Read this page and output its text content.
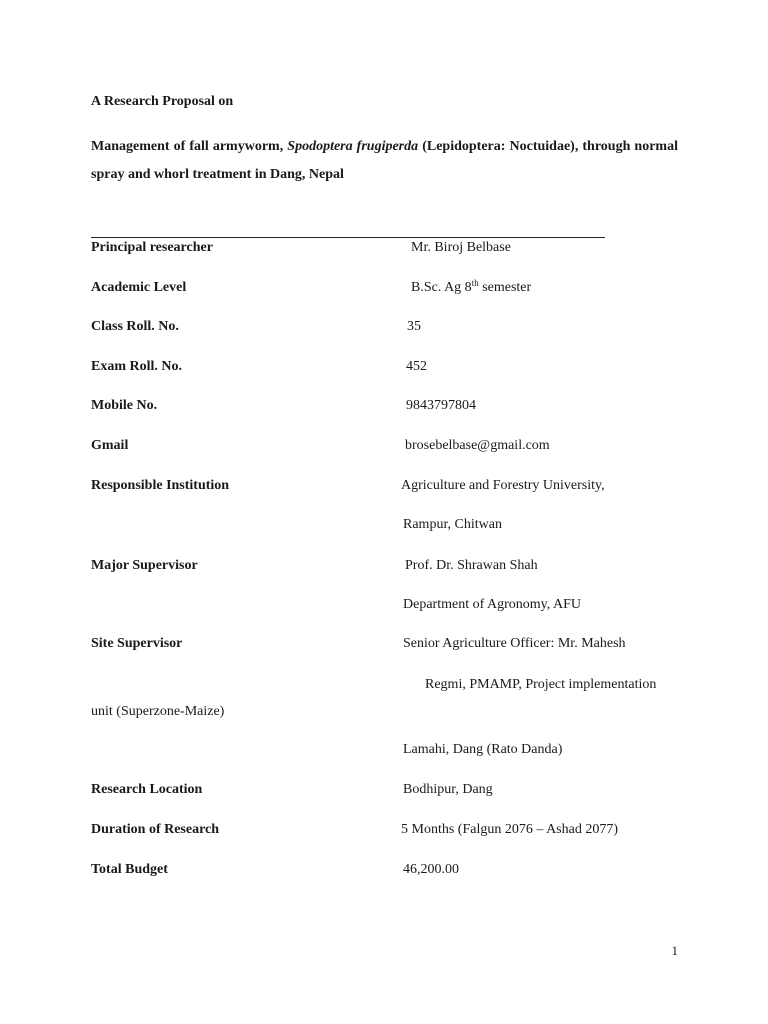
A Research Proposal on
Management of fall armyworm, Spodoptera frugiperda (Lepidoptera: Noctuidae), through normal spray and whorl treatment in Dang, Nepal
Principal researcher	Mr. Biroj Belbase
Academic Level	B.Sc. Ag 8th semester
Class Roll. No.	35
Exam Roll. No.	452
Mobile No.	9843797804
Gmail	brosebelbase@gmail.com
Responsible Institution	Agriculture and Forestry University,
Rampur, Chitwan
Major Supervisor	Prof. Dr. Shrawan Shah
Department of Agronomy, AFU
Site Supervisor	Senior Agriculture Officer: Mr. Mahesh
Regmi, PMAMP, Project implementation
unit (Superzone-Maize)
Lamahi, Dang (Rato Danda)
Research Location	Bodhipur, Dang
Duration of Research	5 Months (Falgun 2076 – Ashad 2077)
Total Budget	46,200.00
1
